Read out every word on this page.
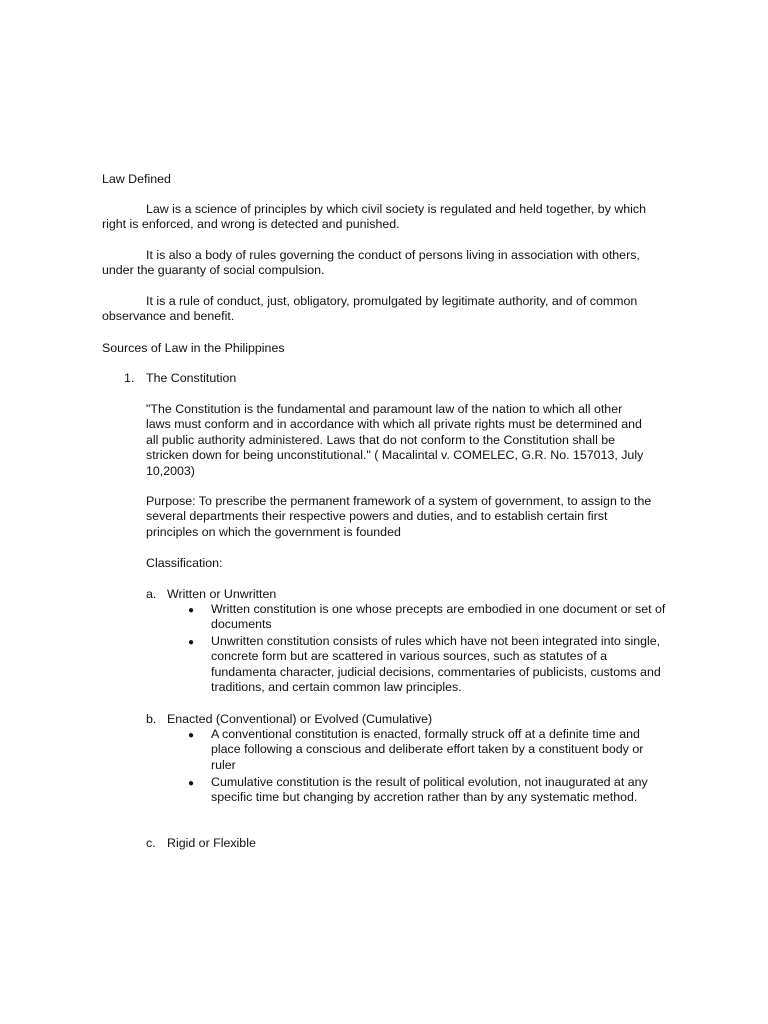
Law Defined

Law is a science of principles by which civil society is regulated and held together, by which right is enforced, and wrong is detected and punished.

It is also a body of rules governing the conduct of persons living in association with others, under the guaranty of social compulsion.

It is a rule of conduct, just, obligatory, promulgated by legitimate authority, and of common observance and benefit.

Sources of Law in the Philippines

1. The Constitution

"The Constitution is the fundamental and paramount law of the nation to which all other laws must conform and in accordance with which all private rights must be determined and all public authority administered. Laws that do not conform to the Constitution shall be stricken down for being unconstitutional." ( Macalintal v. COMELEC, G.R. No. 157013, July 10,2003)

Purpose: To prescribe the permanent framework of a system of government, to assign to the several departments their respective powers and duties, and to establish certain first principles on which the government is founded

Classification:

a. Written or Unwritten

● Written constitution is one whose precepts are embodied in one document or set of documents

● Unwritten constitution consists of rules which have not been integrated into single, concrete form but are scattered in various sources, such as statutes of a fundamenta character, judicial decisions, commentaries of publicists, customs and traditions, and certain common law principles.

b. Enacted (Conventional) or Evolved (Cumulative)

● A conventional constitution is enacted, formally struck off at a definite time and place following a conscious and deliberate effort taken by a constituent body or ruler

● Cumulative constitution is the result of political evolution, not inaugurated at any specific time but changing by accretion rather than by any systematic method.

c. Rigid or Flexible
